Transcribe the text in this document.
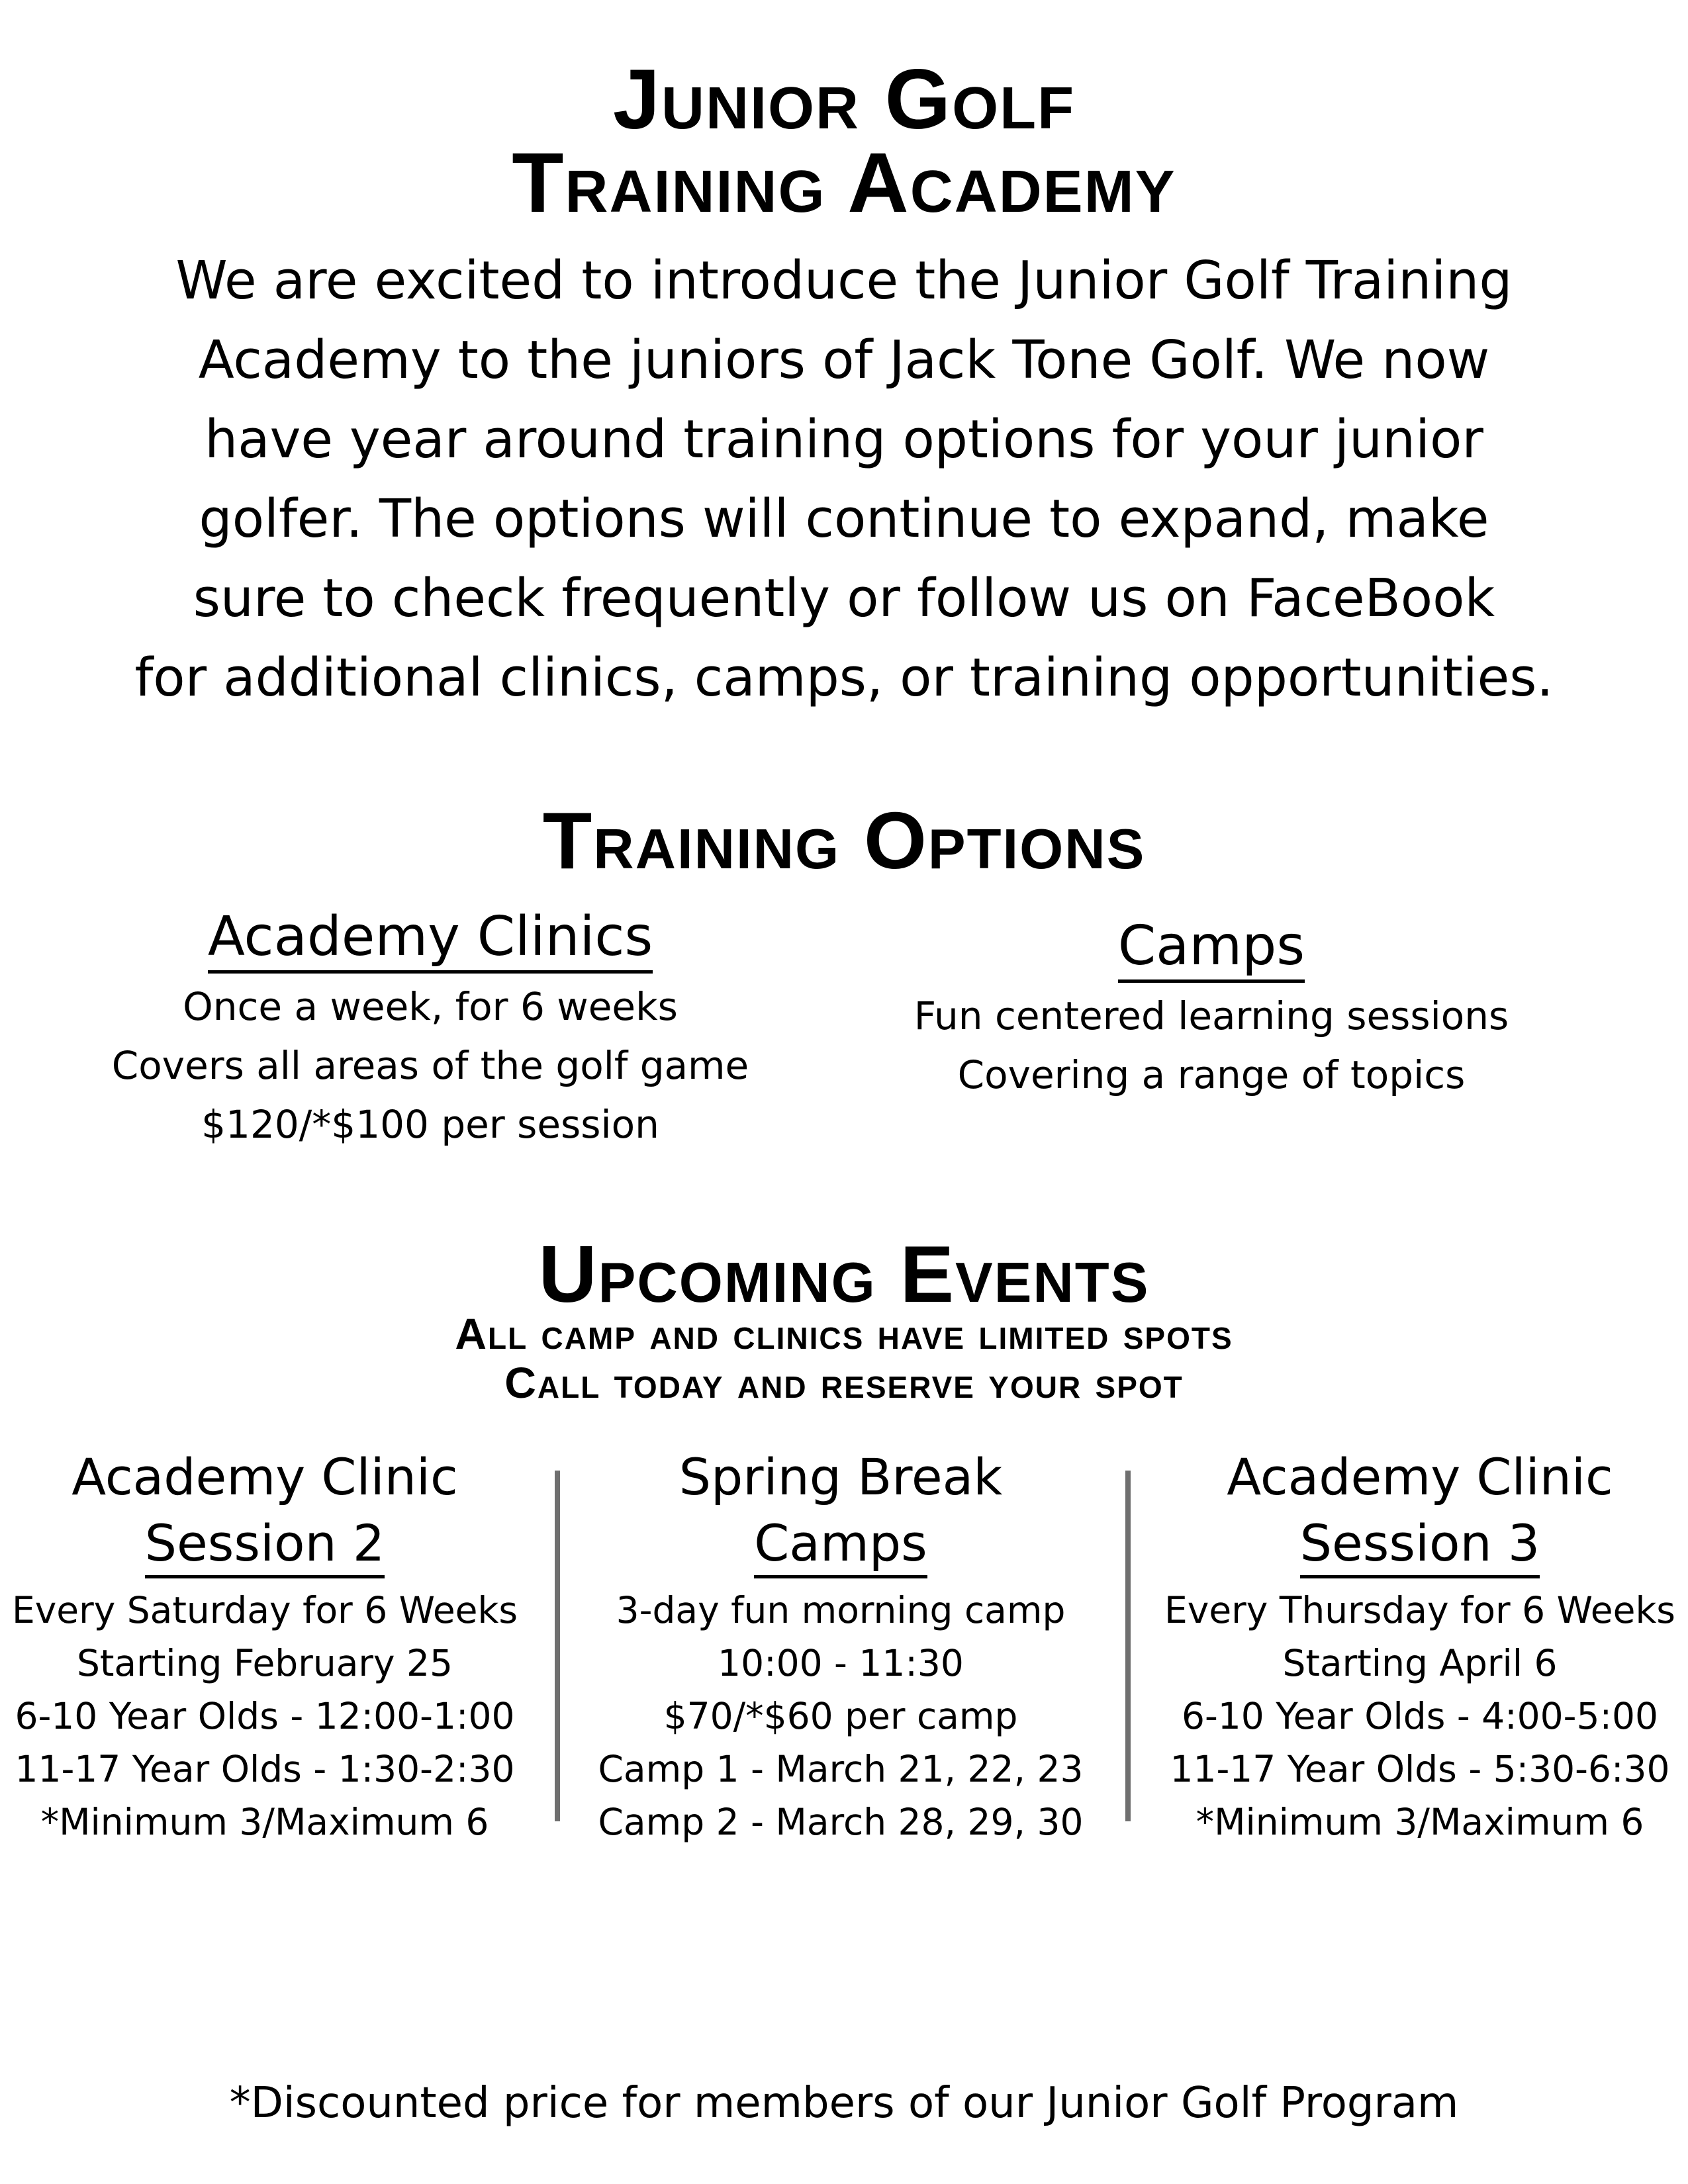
Junior Golf
Training Academy
We are excited to introduce the Junior Golf Training
Academy to the juniors of Jack Tone Golf. We now
have year around training options for your junior
golfer. The options will continue to expand, make
sure to check frequently or follow us on FaceBook
for additional clinics, camps, or training opportunities.
Training Options
Academy Clinics
Once a week, for 6 weeks
Covers all areas of the golf game
$120/*$100 per session
Camps
Fun centered learning sessions
Covering a range of topics
Upcoming Events
All camp and clinics have limited spots
Call today and reserve your spot
Academy Clinic
Session 2
Every Saturday for 6 Weeks
Starting February 25
6-10 Year Olds - 12:00-1:00
11-17 Year Olds - 1:30-2:30
*Minimum 3/Maximum 6
Spring Break
Camps
3-day fun morning camp
10:00 - 11:30
$70/*$60 per camp
Camp 1 - March 21, 22, 23
Camp 2 - March 28, 29, 30
Academy Clinic
Session 3
Every Thursday for 6 Weeks
Starting April 6
6-10 Year Olds - 4:00-5:00
11-17 Year Olds - 5:30-6:30
*Minimum 3/Maximum 6
*Discounted price for members of our Junior Golf Program
